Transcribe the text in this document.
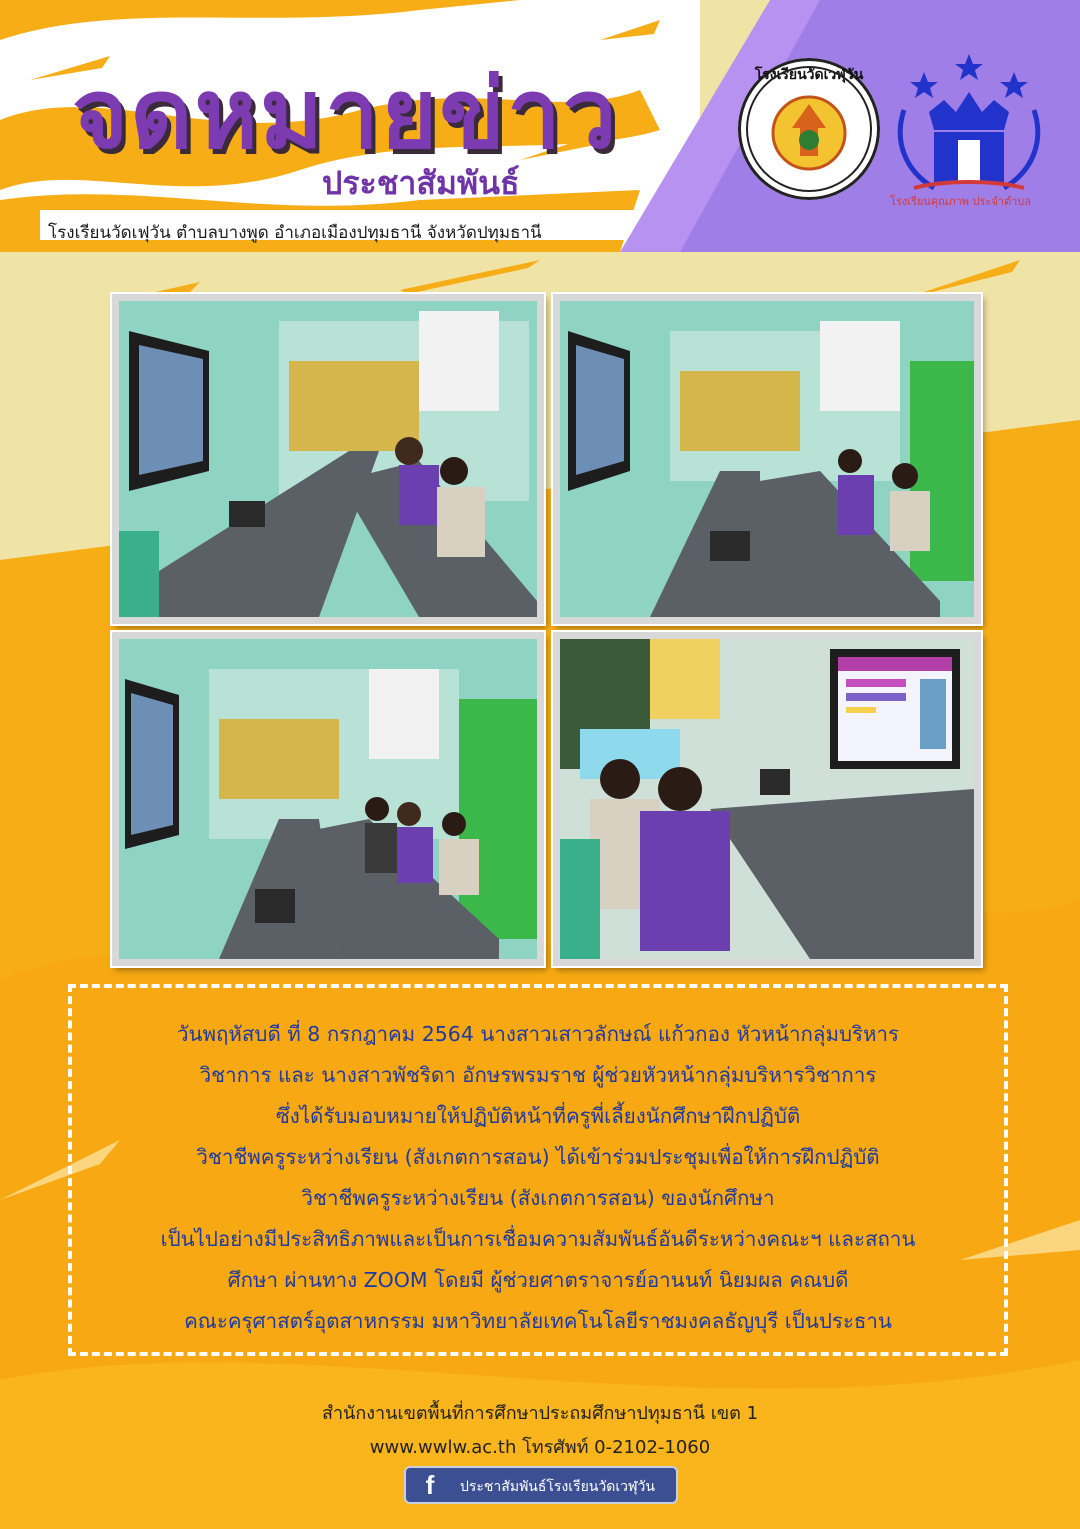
จดหมายข่าว
ประชาสัมพันธ์
โรงเรียนวัดเฟุวัน ตำบลบางพูด อำเภอเมืองปทุมธานี จังหวัดปทุมธานี
โรงเรียนวัดเวฬุวัน
โรงเรียนคุณภาพ ประจำตำบล
วันพฤหัสบดี ที่ 8 กรกฎาคม 2564 นางสาวเสาวลักษณ์ แก้วกอง หัวหน้ากลุ่มบริหาร
วิชาการ และ นางสาวพัชริดา อักษรพรมราช ผู้ช่วยหัวหน้ากลุ่มบริหารวิชาการ
ซึ่งได้รับมอบหมายให้ปฏิบัติหน้าที่ครูพี่เลี้ยงนักศึกษาฝึกปฏิบัติ
วิชาชีพครูระหว่างเรียน (สังเกตการสอน) ได้เข้าร่วมประชุมเพื่อให้การฝึกปฏิบัติ
วิชาชีพครูระหว่างเรียน (สังเกตการสอน) ของนักศึกษา
เป็นไปอย่างมีประสิทธิภาพและเป็นการเชื่อมความสัมพันธ์อันดีระหว่างคณะฯ และสถาน
ศึกษา ผ่านทาง ZOOM โดยมี ผู้ช่วยศาตราจารย์อานนท์ นิยมผล คณบดี
คณะครุศาสตร์อุตสาหกรรม มหาวิทยาลัยเทคโนโลยีราชมงคลธัญบุรี เป็นประธาน
สำนักงานเขตพื้นที่การศึกษาประถมศึกษาปทุมธานี เขต 1
www.wwlw.ac.th โทรศัพท์ 0-2102-1060
f	ประชาสัมพันธ์โรงเรียนวัดเวฬุวัน
